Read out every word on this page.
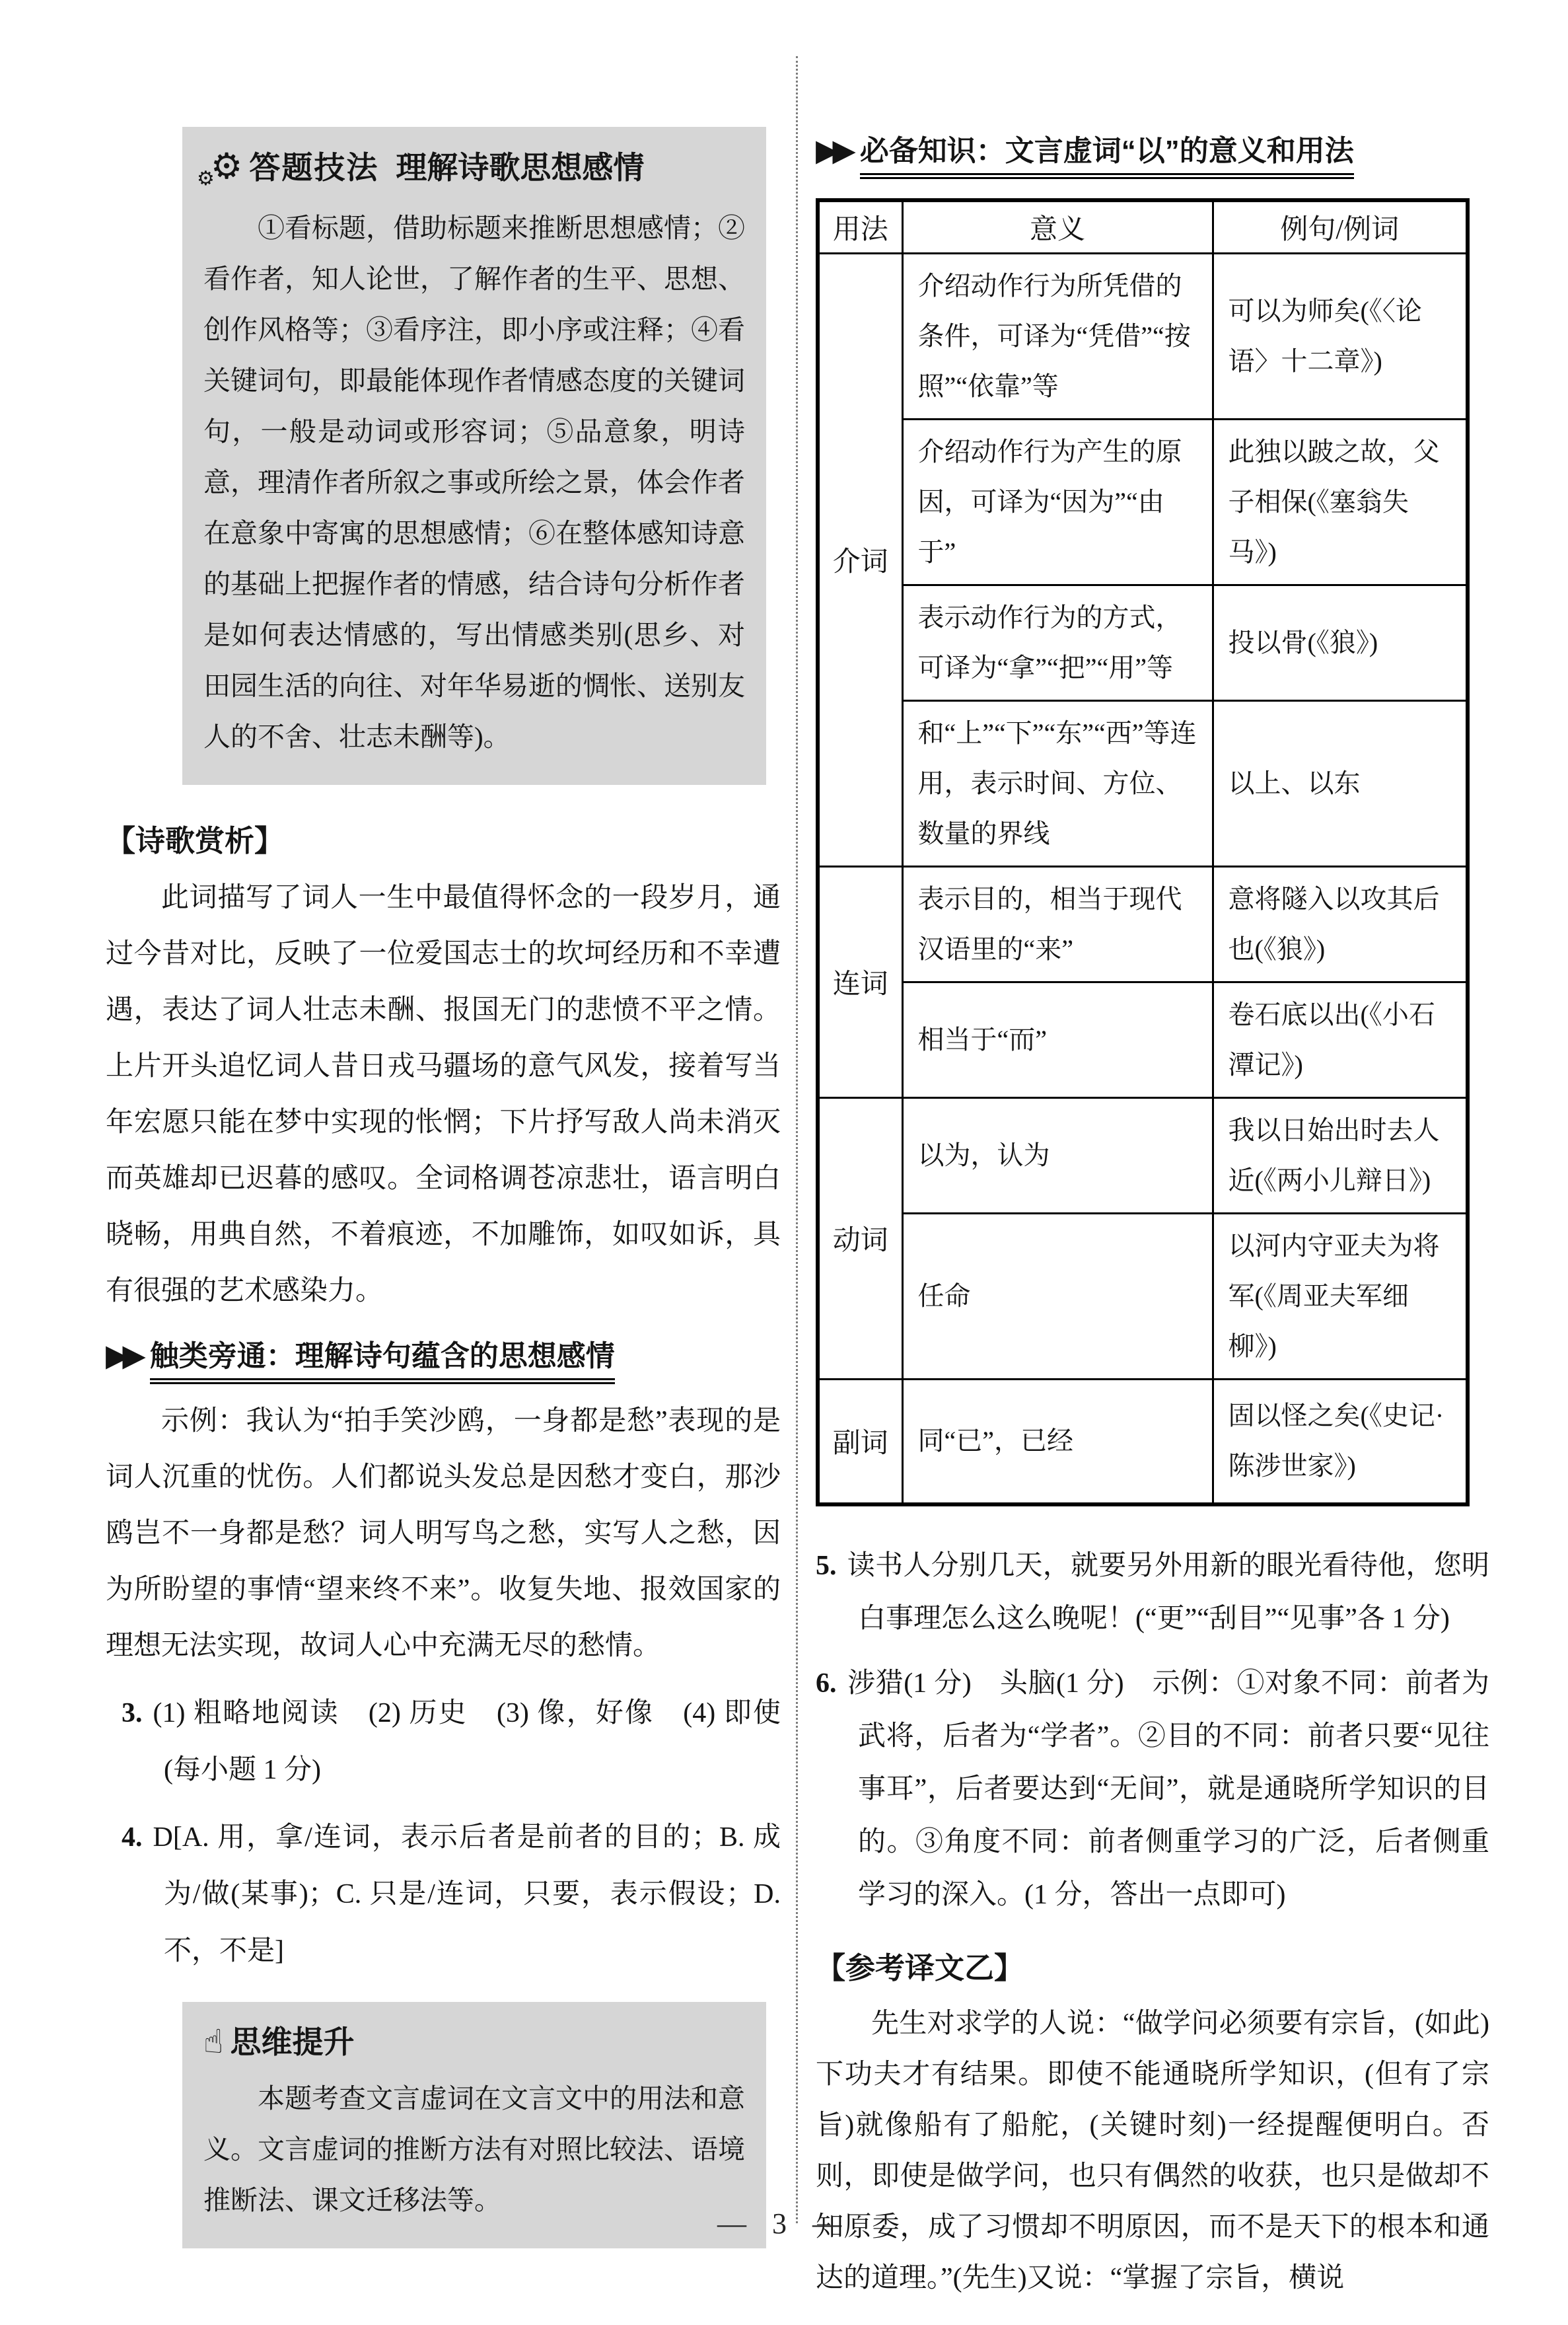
$_⚙$⚙ 答题技法 理解诗歌思想感情

①看标题，借助标题来推断思想感情；②看作者，知人论世，了解作者的生平、思想、创作风格等；③看序注，即小序或注释；④看关键词句，即最能体现作者情感态度的关键词句，一般是动词或形容词；⑤品意象，明诗意，理清作者所叙之事或所绘之景，体会作者在意象中寄寓的思想感情；⑥在整体感知诗意的基础上把握作者的情感，结合诗句分析作者是如何表达情感的，写出情感类别(思乡、对田园生活的向往、对年华易逝的惆怅、送别友人的不舍、壮志未酬等)。

【诗歌赏析】

此词描写了词人一生中最值得怀念的一段岁月，通过今昔对比，反映了一位爱国志士的坎坷经历和不幸遭遇，表达了词人壮志未酬、报国无门的悲愤不平之情。上片开头追忆词人昔日戎马疆场的意气风发，接着写当年宏愿只能在梦中实现的怅惘；下片抒写敌人尚未消灭而英雄却已迟暮的感叹。全词格调苍凉悲壮，语言明白晓畅，用典自然，不着痕迹，不加雕饰，如叹如诉，具有很强的艺术感染力。

▶▶ 触类旁通：理解诗句蕴含的思想感情

示例：我认为“拍手笑沙鸥，一身都是愁”表现的是词人沉重的忧伤。人们都说头发总是因愁才变白，那沙鸥岂不一身都是愁？词人明写鸟之愁，实写人之愁，因为所盼望的事情“望来终不来”。收复失地、报效国家的理想无法实现，故词人心中充满无尽的愁情。

3. (1) 粗略地阅读　(2) 历史　(3) 像，好像　(4) 即使(每小题 1 分)
4. D[A. 用，拿/连词，表示后者是前者的目的；B. 成为/做(某事)；C. 只是/连词，只要，表示假设；D. 不，不是]
☝ 思维提升

本题考查文言虚词在文言文中的用法和意义。文言虚词的推断方法有对照比较法、语境推断法、课文迁移法等。

▶▶ 必备知识：文言虚词“以”的意义和用法
用法	意义	例句/例词
介词	介绍动作行为所凭借的条件，可译为“凭借”“按照”“依靠”等	可以为师矣(《〈论语〉十二章》)
	介绍动作行为产生的原因，可译为“因为”“由于”	此独以跛之故，父子相保(《塞翁失马》)
	表示动作行为的方式，可译为“拿”“把”“用”等	投以骨(《狼》)
	和“上”“下”“东”“西”等连用，表示时间、方位、数量的界线	以上、以东
连词	表示目的，相当于现代汉语里的“来”	意将隧入以攻其后也(《狼》)
	相当于“而”	卷石底以出(《小石潭记》)
动词	以为，认为	我以日始出时去人近(《两小儿辩日》)
	任命	以河内守亚夫为将军(《周亚夫军细柳》)
副词	同“已”，已经	固以怪之矣(《史记·陈涉世家》)
5. 读书人分别几天，就要另外用新的眼光看待他，您明白事理怎么这么晚呢！(“更”“刮目”“见事”各 1 分)
6. 涉猎(1 分)　头脑(1 分)　示例：①对象不同：前者为武将，后者为“学者”。②目的不同：前者只要“见往事耳”，后者要达到“无间”，就是通晓所学知识的目的。③角度不同：前者侧重学习的广泛，后者侧重学习的深入。(1 分，答出一点即可)
【参考译文乙】

先生对求学的人说：“做学问必须要有宗旨，(如此)下功夫才有结果。即使不能通晓所学知识，(但有了宗旨)就像船有了船舵，(关键时刻)一经提醒便明白。否则，即使是做学问，也只有偶然的收获，也只是做却不知原委，成了习惯却不明原因，而不是天下的根本和通达的道理。”(先生)又说：“掌握了宗旨，横说

— 3 —
